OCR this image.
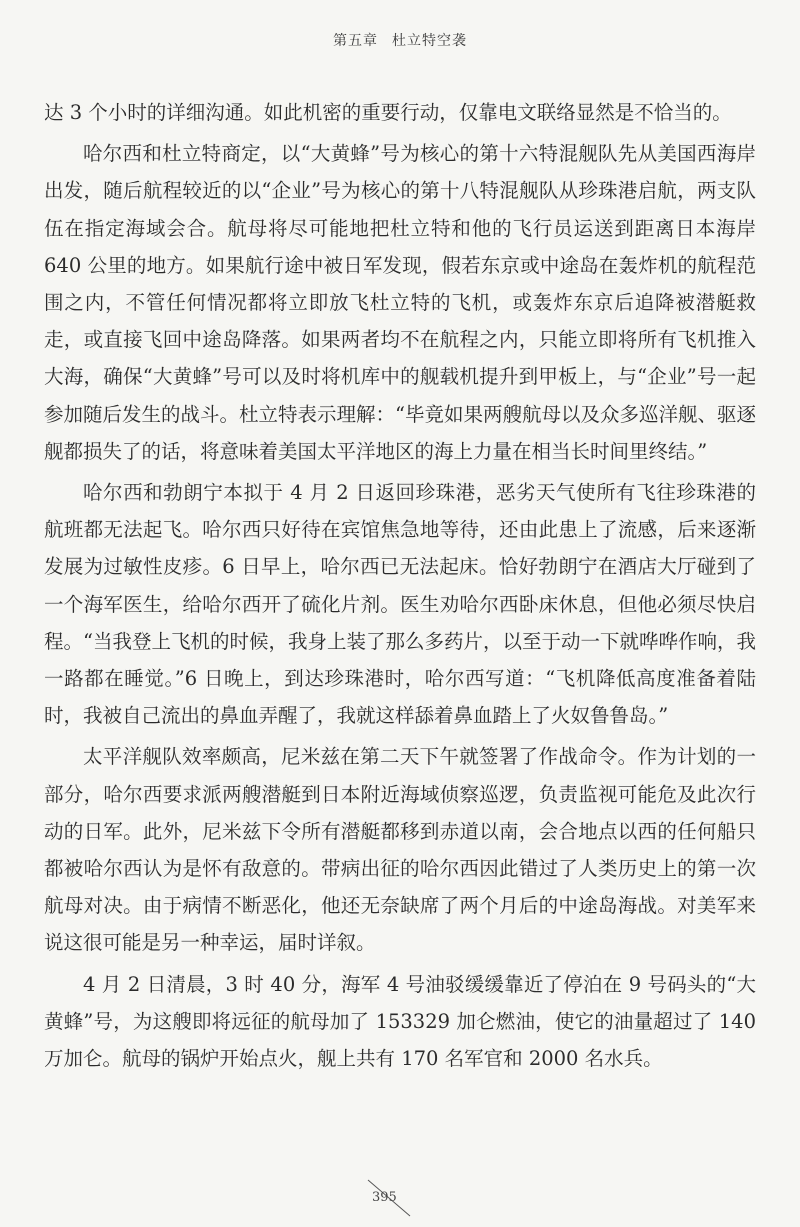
第五章 杜立特空袭

达 3 个小时的详细沟通。如此机密的重要行动，仅靠电文联络显然是不恰当的。

哈尔西和杜立特商定，以“大黄蜂”号为核心的第十六特混舰队先从美国西海岸出发，随后航程较近的以“企业”号为核心的第十八特混舰队从珍珠港启航，两支队伍在指定海域会合。航母将尽可能地把杜立特和他的飞行员运送到距离日本海岸 640 公里的地方。如果航行途中被日军发现，假若东京或中途岛在轰炸机的航程范围之内，不管任何情况都将立即放飞杜立特的飞机，或轰炸东京后追降被潜艇救走，或直接飞回中途岛降落。如果两者均不在航程之内，只能立即将所有飞机推入大海，确保“大黄蜂”号可以及时将机库中的舰载机提升到甲板上，与“企业”号一起参加随后发生的战斗。杜立特表示理解：“毕竟如果两艘航母以及众多巡洋舰、驱逐舰都损失了的话，将意味着美国太平洋地区的海上力量在相当长时间里终结。”

哈尔西和勃朗宁本拟于 4 月 2 日返回珍珠港，恶劣天气使所有飞往珍珠港的航班都无法起飞。哈尔西只好待在宾馆焦急地等待，还由此患上了流感，后来逐渐发展为过敏性皮疹。6 日早上，哈尔西已无法起床。恰好勃朗宁在酒店大厅碰到了一个海军医生，给哈尔西开了硫化片剂。医生劝哈尔西卧床休息，但他必须尽快启程。“当我登上飞机的时候，我身上装了那么多药片，以至于动一下就哗哗作响，我一路都在睡觉。”6 日晚上，到达珍珠港时，哈尔西写道：“飞机降低高度准备着陆时，我被自己流出的鼻血弄醒了，我就这样舔着鼻血踏上了火奴鲁鲁岛。”

太平洋舰队效率颇高，尼米兹在第二天下午就签署了作战命令。作为计划的一部分，哈尔西要求派两艘潜艇到日本附近海域侦察巡逻，负责监视可能危及此次行动的日军。此外，尼米兹下令所有潜艇都移到赤道以南，会合地点以西的任何船只都被哈尔西认为是怀有敌意的。带病出征的哈尔西因此错过了人类历史上的第一次航母对决。由于病情不断恶化，他还无奈缺席了两个月后的中途岛海战。对美军来说这很可能是另一种幸运，届时详叙。

4 月 2 日清晨，3 时 40 分，海军 4 号油驳缓缓靠近了停泊在 9 号码头的“大黄蜂”号，为这艘即将远征的航母加了 153329 加仑燃油，使它的油量超过了 140 万加仑。航母的锅炉开始点火，舰上共有 170 名军官和 2000 名水兵。

395
